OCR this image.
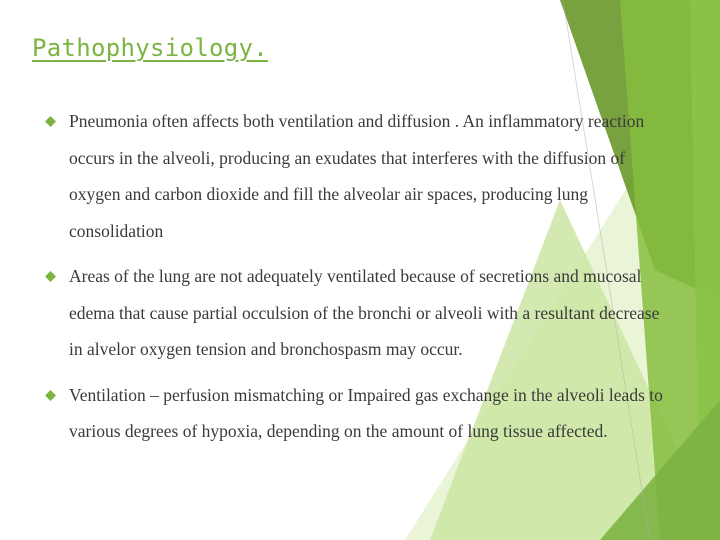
Pathophysiology.
Pneumonia often affects both ventilation and diffusion . An inflammatory reaction occurs in the alveoli, producing an exudates that interferes with the diffusion of oxygen and carbon dioxide and fill the alveolar air spaces, producing lung consolidation
Areas of the lung are not adequately ventilated because of secretions and mucosal edema that cause partial occulsion of the bronchi or alveoli with a resultant decrease in alvelor oxygen tension and bronchospasm may occur.
Ventilation – perfusion mismatching or Impaired gas exchange in the alveoli leads to various degrees of hypoxia, depending on the amount of lung tissue affected.
